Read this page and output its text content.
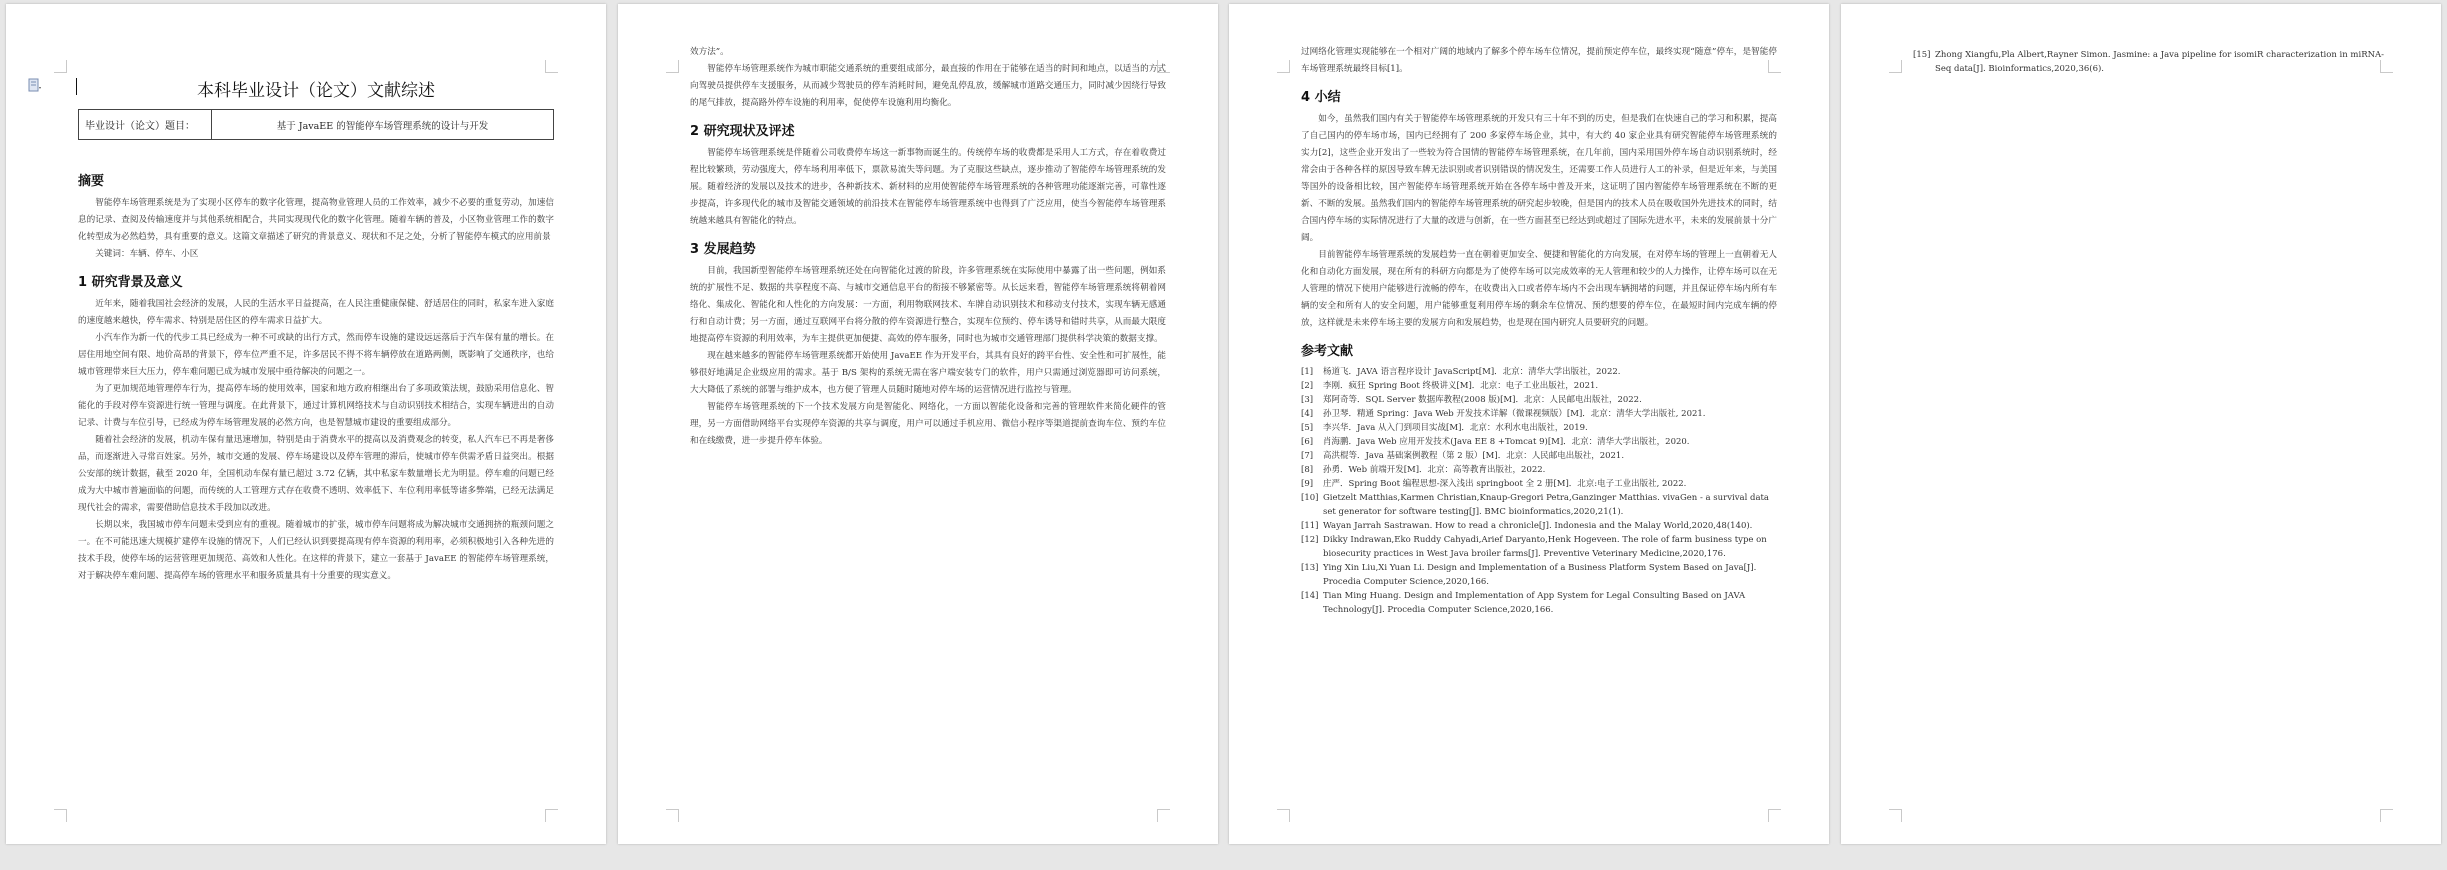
本科毕业设计（论文）文献综述
毕业设计（论文）题目：	基于 JavaEE 的智能停车场管理系统的设计与开发
摘要

智能停车场管理系统是为了实现小区停车的数字化管理，提高物业管理人员的工作效率，减少不必要的重复劳动，加速信息的记录、查阅及传输速度并与其他系统相配合，共同实现现代化的数字化管理。随着车辆的普及，小区物业管理工作的数字化转型成为必然趋势，具有重要的意义。这篇文章描述了研究的背景意义、现状和不足之处，分析了智能停车模式的应用前景

关键词：车辆、停车、小区

1 研究背景及意义

近年来，随着我国社会经济的发展，人民的生活水平日益提高，在人民注重健康保健、舒适居住的同时，私家车进入家庭的速度越来越快，停车需求、特别是居住区的停车需求日益扩大。

小汽车作为新一代的代步工具已经成为一种不可或缺的出行方式，然而停车设施的建设远远落后于汽车保有量的增长。在居住用地空间有限、地价高昂的背景下，停车位严重不足，许多居民不得不将车辆停放在道路两侧，既影响了交通秩序，也给城市管理带来巨大压力，停车难问题已成为城市发展中亟待解决的问题之一。

为了更加规范地管理停车行为，提高停车场的使用效率，国家和地方政府相继出台了多项政策法规，鼓励采用信息化、智能化的手段对停车资源进行统一管理与调度。在此背景下，通过计算机网络技术与自动识别技术相结合，实现车辆进出的自动记录、计费与车位引导，已经成为停车场管理发展的必然方向，也是智慧城市建设的重要组成部分。

随着社会经济的发展，机动车保有量迅速增加，特别是由于消费水平的提高以及消费观念的转变，私人汽车已不再是奢侈品，而逐渐进入寻常百姓家。另外，城市交通的发展、停车场建设以及停车管理的滞后，使城市停车供需矛盾日益突出。根据公安部的统计数据，截至 2020 年，全国机动车保有量已超过 3.72 亿辆，其中私家车数量增长尤为明显。停车难的问题已经成为大中城市普遍面临的问题，而传统的人工管理方式存在收费不透明、效率低下、车位利用率低等诸多弊端，已经无法满足现代社会的需求，需要借助信息技术手段加以改进。

长期以来，我国城市停车问题未受到应有的重视。随着城市的扩张，城市停车问题将成为解决城市交通拥挤的瓶颈问题之一。在不可能迅速大规模扩建停车设施的情况下，人们已经认识到要提高现有停车资源的利用率，必须积极地引入各种先进的技术手段，使停车场的运营管理更加规范、高效和人性化。在这样的背景下，建立一套基于 JavaEE 的智能停车场管理系统，对于解决停车难问题、提高停车场的管理水平和服务质量具有十分重要的现实意义。

效方法”。

智能停车场管理系统作为城市职能交通系统的重要组成部分，最直接的作用在于能够在适当的时间和地点，以适当的方式向驾驶员提供停车支援服务，从而减少驾驶员的停车消耗时间，避免乱停乱放，缓解城市道路交通压力，同时减少因绕行导致的尾气排放，提高路外停车设施的利用率，促使停车设施利用均衡化。

2 研究现状及评述

智能停车场管理系统是伴随着公司收费停车场这一新事物而诞生的。传统停车场的收费都是采用人工方式，存在着收费过程比较繁琐，劳动强度大，停车场利用率低下，票款易流失等问题。为了克服这些缺点，逐步推动了智能停车场管理系统的发展。随着经济的发展以及技术的进步，各种新技术、新材料的应用使智能停车场管理系统的各种管理功能逐渐完善，可靠性逐步提高，许多现代化的城市及智能交通领域的前沿技术在智能停车场管理系统中也得到了广泛应用，使当今智能停车场管理系统越来越具有智能化的特点。

3 发展趋势

目前，我国新型智能停车场管理系统还处在向智能化过渡的阶段，许多管理系统在实际使用中暴露了出一些问题，例如系统的扩展性不足、数据的共享程度不高、与城市交通信息平台的衔接不够紧密等。从长远来看，智能停车场管理系统将朝着网络化、集成化、智能化和人性化的方向发展：一方面，利用物联网技术、车牌自动识别技术和移动支付技术，实现车辆无感通行和自动计费；另一方面，通过互联网平台将分散的停车资源进行整合，实现车位预约、停车诱导和错时共享，从而最大限度地提高停车资源的利用效率，为车主提供更加便捷、高效的停车服务，同时也为城市交通管理部门提供科学决策的数据支撑。

现在越来越多的智能停车场管理系统都开始使用 JavaEE 作为开发平台，其具有良好的跨平台性、安全性和可扩展性，能够很好地满足企业级应用的需求。基于 B/S 架构的系统无需在客户端安装专门的软件，用户只需通过浏览器即可访问系统，大大降低了系统的部署与维护成本，也方便了管理人员随时随地对停车场的运营情况进行监控与管理。

智能停车场管理系统的下一个技术发展方向是智能化、网络化，一方面以智能化设备和完善的管理软件来简化硬件的管理，另一方面借助网络平台实现停车资源的共享与调度，用户可以通过手机应用、微信小程序等渠道提前查询车位、预约车位和在线缴费，进一步提升停车体验。

过网络化管理实现能够在一个相对广阔的地域内了解多个停车场车位情况，提前预定停车位，最终实现“随意”停车，是智能停车场管理系统最终目标[1]。

4 小结

如今，虽然我们国内有关于智能停车场管理系统的开发只有三十年不到的历史，但是我们在快速自己的学习和积累，提高了自己国内的停车场市场，国内已经拥有了 200 多家停车场企业，其中，有大约 40 家企业具有研究智能停车场管理系统的实力[2]，这些企业开发出了一些较为符合国情的智能停车场管理系统，在几年前，国内采用国外停车场自动识别系统时，经常会由于各种各样的原因导致车牌无法识别或者识别错误的情况发生，还需要工作人员进行人工的补录，但是近年来，与美国等国外的设备相比较，国产智能停车场管理系统开始在各停车场中普及开来，这证明了国内智能停车场管理系统在不断的更新、不断的发展。虽然我们国内的智能停车场管理系统的研究起步较晚，但是国内的技术人员在吸收国外先进技术的同时，结合国内停车场的实际情况进行了大量的改进与创新，在一些方面甚至已经达到或超过了国际先进水平，未来的发展前景十分广阔。

目前智能停车场管理系统的发展趋势一直在朝着更加安全、便捷和智能化的方向发展，在对停车场的管理上一直朝着无人化和自动化方面发展，现在所有的科研方向都是为了使停车场可以完成效率的无人管理和较少的人力操作，让停车场可以在无人管理的情况下使用户能够进行流畅的停车，在收费出入口或者停车场内不会出现车辆拥堵的问题，并且保证停车场内所有车辆的安全和所有人的安全问题，用户能够重复利用停车场的剩余车位情况、预约想要的停车位，在最短时间内完成车辆的停放，这样就是未来停车场主要的发展方向和发展趋势，也是现在国内研究人员要研究的问题。

参考文献
[1]	杨道飞．JAVA 语言程序设计 JavaScript[M]．北京：清华大学出版社，2022.
[2]	李刚．疯狂 Spring Boot 终极讲义[M]．北京：电子工业出版社，2021.
[3]	郑阿奇等．SQL Server 数据库教程(2008 版)[M]．北京：人民邮电出版社，2022.
[4]	孙卫琴．精通 Spring：Java Web 开发技术详解（微课视频版）[M]．北京：清华大学出版社, 2021.
[5]	李兴华．Java 从入门到项目实战[M]．北京：水利水电出版社，2019.
[6]	肖海鹏．Java Web 应用开发技术(Java EE 8 +Tomcat 9)[M]．北京：清华大学出版社，2020.
[7]	高洪棍等．Java 基础案例教程（第 2 版）[M]．北京：人民邮电出版社，2021.
[8]	孙勇．Web 前端开发[M]．北京：高等教育出版社，2022.
[9]	庄严．Spring Boot 编程思想-深入浅出 springboot 全 2 册[M]．北京:电子工业出版社, 2022.
[10] Gietzelt Matthias,Karmen Christian,Knaup-Gregori Petra,Ganzinger Matthias. vivaGen - a survival data set generator for software testing[J]. BMC bioinformatics,2020,21(1).
[11] Wayan Jarrah Sastrawan. How to read a chronicle[J]. Indonesia and the Malay World,2020,48(140).
[12] Dikky Indrawan,Eko Ruddy Cahyadi,Arief Daryanto,Henk Hogeveen. The role of farm business type on biosecurity practices in West Java broiler farms[J]. Preventive Veterinary Medicine,2020,176.
[13] Ying Xin Liu,Xi Yuan Li. Design and Implementation of a Business Platform System Based on Java[J]. Procedia Computer Science,2020,166.
[14] Tian Ming Huang. Design and Implementation of App System for Legal Consulting Based on JAVA Technology[J]. Procedia Computer Science,2020,166.
[15] Zhong Xiangfu,Pla Albert,Rayner Simon. Jasmine: a Java pipeline for isomiR characterization in miRNA-Seq data[J]. Bioinformatics,2020,36(6).
